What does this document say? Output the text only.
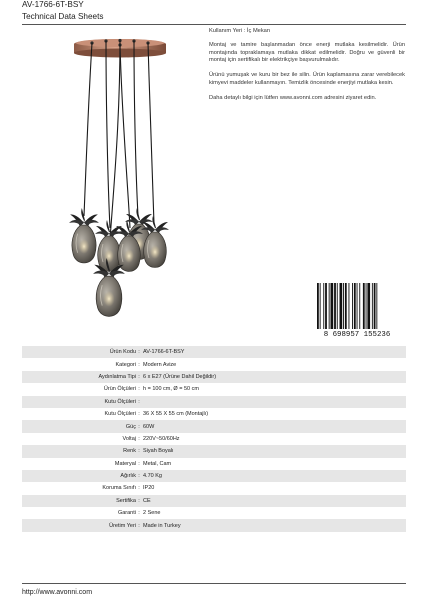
AV-1766-6T-BSY
Technical Data Sheets

Kullanım Yeri : İç Mekan

Montaj ve tamire başlanmadan önce enerji mutlaka kesilmelidir. Ürün montajında topraklamaya mutlaka dikkat edilmelidir. Doğru ve güvenli bir montaj için sertifikalı bir elektrikçiye başvurulmalıdır.

Ürünü yumuşak ve kuru bir bez ile silin. Ürün kaplamasına zarar verebilecek kimyevi maddeler kullanmayın. Temizlik öncesinde enerjiyi mutlaka kesin.

Daha detaylı bilgi için lütfen www.avonni.com adresini ziyaret edin.

8 698957 155236
Ürün Kodu : AV-1766-6T-BSY
Kategori : Modern Avize
Aydınlatma Tipi : 6 x E27 (Ürüne Dahil Değildir)
Ürün Ölçüleri : h = 100 cm, Ø = 50 cm
Kutu Ölçüleri :
Kutu Ölçüleri : 36 X 55 X 55 cm (Montajlı)
Güç : 60W
Voltaj : 220V~50/60Hz
Renk : Siyah Boyalı
Materyal : Metal, Cam
Ağırlık : 4.70 Kg
Koruma Sınıfı : IP20
Sertifika : CE
Garanti : 2 Sene
Üretim Yeri : Made in Turkey
http://www.avonni.com
